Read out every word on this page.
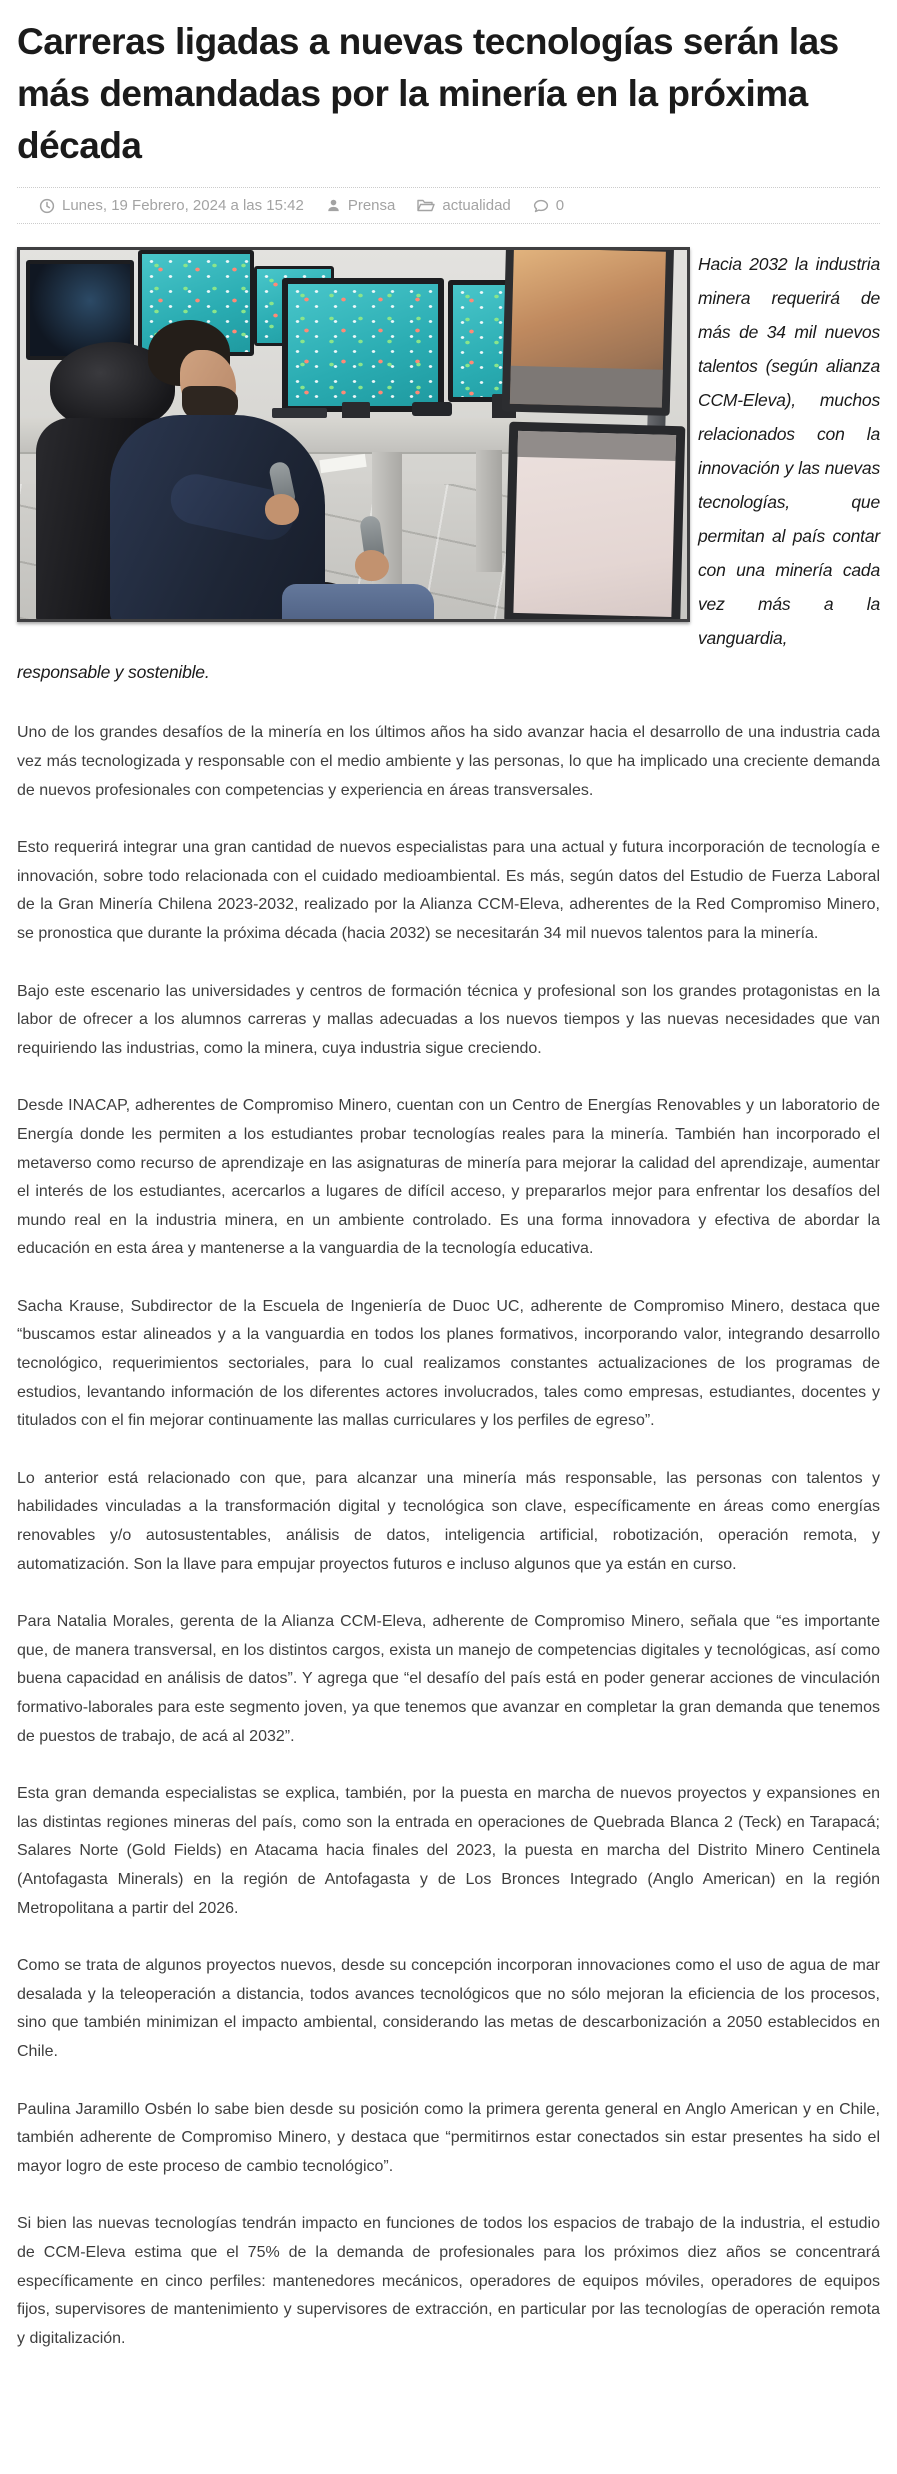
Carreras ligadas a nuevas tecnologías serán las más demandadas por la minería en la próxima década
Lunes, 19 Febrero, 2024 a las 15:42	Prensa	actualidad	0

Hacia 2032 la industria minera requerirá de más de 34 mil nuevos talentos (según alianza CCM-Eleva), muchos relacionados con la innovación y las nuevas tecnologías, que permitan al país contar con una minería cada vez más a la vanguardia, responsable y sostenible.

Uno de los grandes desafíos de la minería en los últimos años ha sido avanzar hacia el desarrollo de una industria cada vez más tecnologizada y responsable con el medio ambiente y las personas, lo que ha implicado una creciente demanda de nuevos profesionales con competencias y experiencia en áreas transversales.

Esto requerirá integrar una gran cantidad de nuevos especialistas para una actual y futura incorporación de tecnología e innovación, sobre todo relacionada con el cuidado medioambiental. Es más, según datos del Estudio de Fuerza Laboral de la Gran Minería Chilena 2023-2032, realizado por la Alianza CCM-Eleva, adherentes de la Red Compromiso Minero, se pronostica que durante la próxima década (hacia 2032) se necesitarán 34 mil nuevos talentos para la minería.

Bajo este escenario las universidades y centros de formación técnica y profesional son los grandes protagonistas en la labor de ofrecer a los alumnos carreras y mallas adecuadas a los nuevos tiempos y las nuevas necesidades que van requiriendo las industrias, como la minera, cuya industria sigue creciendo.

Desde INACAP, adherentes de Compromiso Minero, cuentan con un Centro de Energías Renovables y un laboratorio de Energía donde les permiten a los estudiantes probar tecnologías reales para la minería. También han incorporado el metaverso como recurso de aprendizaje en las asignaturas de minería para mejorar la calidad del aprendizaje, aumentar el interés de los estudiantes, acercarlos a lugares de difícil acceso, y prepararlos mejor para enfrentar los desafíos del mundo real en la industria minera, en un ambiente controlado. Es una forma innovadora y efectiva de abordar la educación en esta área y mantenerse a la vanguardia de la tecnología educativa.

Sacha Krause, Subdirector de la Escuela de Ingeniería de Duoc UC, adherente de Compromiso Minero, destaca que “buscamos estar alineados y a la vanguardia en todos los planes formativos, incorporando valor, integrando desarrollo tecnológico, requerimientos sectoriales, para lo cual realizamos constantes actualizaciones de los programas de estudios, levantando información de los diferentes actores involucrados, tales como empresas, estudiantes, docentes y titulados con el fin mejorar continuamente las mallas curriculares y los perfiles de egreso”.

Lo anterior está relacionado con que, para alcanzar una minería más responsable, las personas con talentos y habilidades vinculadas a la transformación digital y tecnológica son clave, específicamente en áreas como energías renovables y/o autosustentables, análisis de datos, inteligencia artificial, robotización, operación remota, y automatización. Son la llave para empujar proyectos futuros e incluso algunos que ya están en curso.

Para Natalia Morales, gerenta de la Alianza CCM-Eleva, adherente de Compromiso Minero, señala que “es importante que, de manera transversal, en los distintos cargos, exista un manejo de competencias digitales y tecnológicas, así como buena capacidad en análisis de datos”. Y agrega que “el desafío del país está en poder generar acciones de vinculación formativo-laborales para este segmento joven, ya que tenemos que avanzar en completar la gran demanda que tenemos de puestos de trabajo, de acá al 2032”.

Esta gran demanda especialistas se explica, también, por la puesta en marcha de nuevos proyectos y expansiones en las distintas regiones mineras del país, como son la entrada en operaciones de Quebrada Blanca 2 (Teck) en Tarapacá; Salares Norte (Gold Fields) en Atacama hacia finales del 2023, la puesta en marcha del Distrito Minero Centinela (Antofagasta Minerals) en la región de Antofagasta y de Los Bronces Integrado (Anglo American) en la región Metropolitana a partir del 2026.

Como se trata de algunos proyectos nuevos, desde su concepción incorporan innovaciones como el uso de agua de mar desalada y la teleoperación a distancia, todos avances tecnológicos que no sólo mejoran la eficiencia de los procesos, sino que también minimizan el impacto ambiental, considerando las metas de descarbonización a 2050 establecidos en Chile.

Paulina Jaramillo Osbén lo sabe bien desde su posición como la primera gerenta general en Anglo American y en Chile, también adherente de Compromiso Minero, y destaca que “permitirnos estar conectados sin estar presentes ha sido el mayor logro de este proceso de cambio tecnológico”.

Si bien las nuevas tecnologías tendrán impacto en funciones de todos los espacios de trabajo de la industria, el estudio de CCM-Eleva estima que el 75% de la demanda de profesionales para los próximos diez años se concentrará específicamente en cinco perfiles: mantenedores mecánicos, operadores de equipos móviles, operadores de equipos fijos, supervisores de mantenimiento y supervisores de extracción, en particular por las tecnologías de operación remota y digitalización.
